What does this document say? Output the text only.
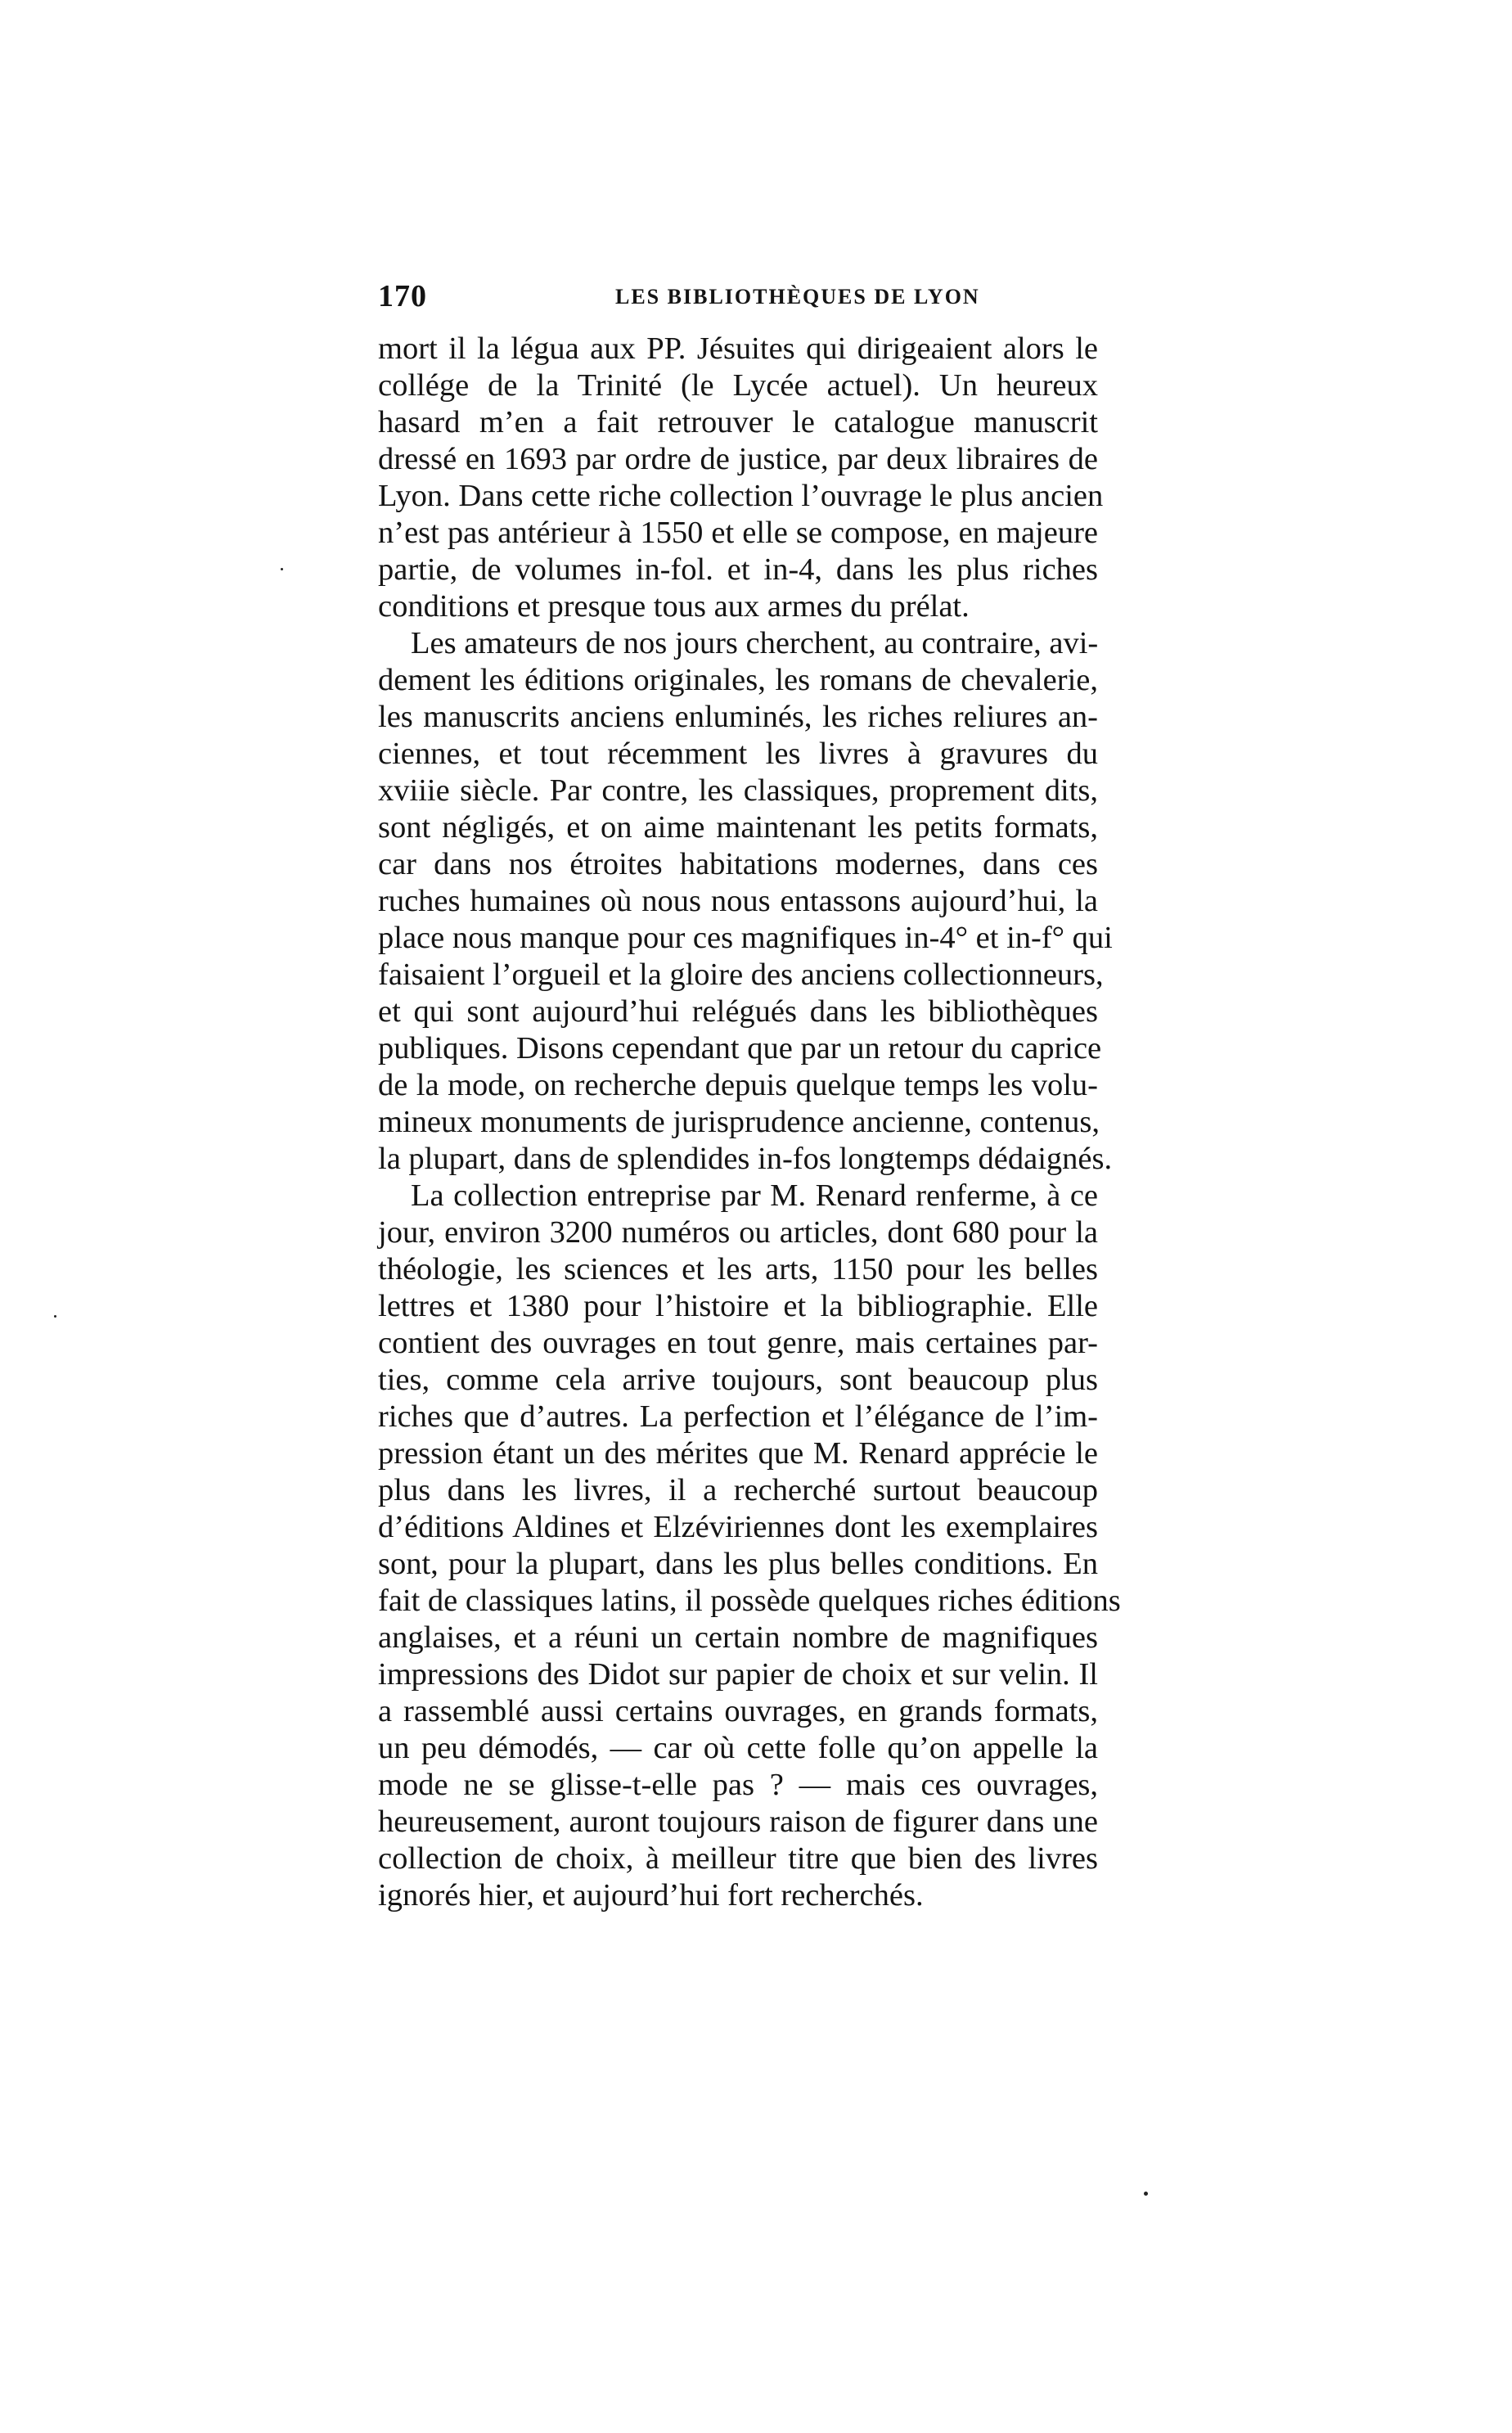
170	LES BIBLIOTHÈQUES DE LYON
mort il la légua aux PP. Jésuites qui dirigeaient alors le
collége de la Trinité (le Lycée actuel). Un heureux
hasard m’en a fait retrouver le catalogue manuscrit
dressé en 1693 par ordre de justice, par deux libraires de
Lyon. Dans cette riche collection l’ouvrage le plus ancien
n’est pas antérieur à 1550 et elle se compose, en majeure
partie, de volumes in-fol. et in-4, dans les plus riches
conditions et presque tous aux armes du prélat.
Les amateurs de nos jours cherchent, au contraire, avi-
dement les éditions originales, les romans de chevalerie,
les manuscrits anciens enluminés, les riches reliures an-
ciennes, et tout récemment les livres à gravures du
xviiie siècle. Par contre, les classiques, proprement dits,
sont négligés, et on aime maintenant les petits formats,
car dans nos étroites habitations modernes, dans ces
ruches humaines où nous nous entassons aujourd’hui, la
place nous manque pour ces magnifiques in-4° et in-f° qui
faisaient l’orgueil et la gloire des anciens collectionneurs,
et qui sont aujourd’hui relégués dans les bibliothèques
publiques. Disons cependant que par un retour du caprice
de la mode, on recherche depuis quelque temps les volu-
mineux monuments de jurisprudence ancienne, contenus,
la plupart, dans de splendides in-fos longtemps dédaignés.
La collection entreprise par M. Renard renferme, à ce
jour, environ 3200 numéros ou articles, dont 680 pour la
théologie, les sciences et les arts, 1150 pour les belles
lettres et 1380 pour l’histoire et la bibliographie. Elle
contient des ouvrages en tout genre, mais certaines par-
ties, comme cela arrive toujours, sont beaucoup plus
riches que d’autres. La perfection et l’élégance de l’im-
pression étant un des mérites que M. Renard apprécie le
plus dans les livres, il a recherché surtout beaucoup
d’éditions Aldines et Elzéviriennes dont les exemplaires
sont, pour la plupart, dans les plus belles conditions. En
fait de classiques latins, il possède quelques riches éditions
anglaises, et a réuni un certain nombre de magnifiques
impressions des Didot sur papier de choix et sur velin. Il
a rassemblé aussi certains ouvrages, en grands formats,
un peu démodés, — car où cette folle qu’on appelle la
mode ne se glisse-t-elle pas ? — mais ces ouvrages,
heureusement, auront toujours raison de figurer dans une
collection de choix, à meilleur titre que bien des livres
ignorés hier, et aujourd’hui fort recherchés.
